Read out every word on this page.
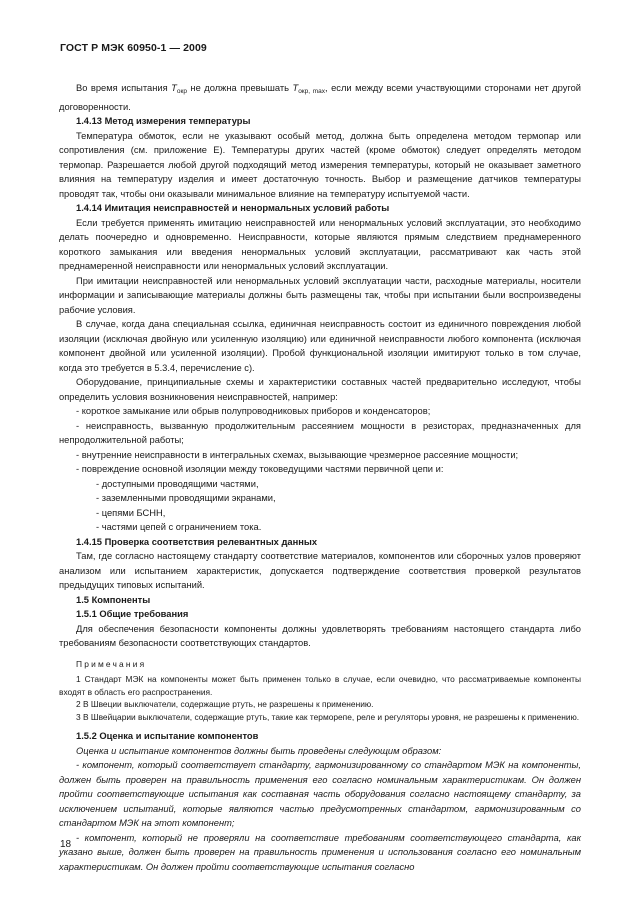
ГОСТ Р МЭК 60950-1 — 2009

Во время испытания $T_{окр}$ не должна превышать $T_{окр, max}$, если между всеми участвующими сторонами нет другой договоренности.

1.4.13 Метод измерения температуры

Температура обмоток, если не указывают особый метод, должна быть определена методом термопар или сопротивления (см. приложение Е). Температуры других частей (кроме обмоток) следует определять методом термопар. Разрешается любой другой подходящий метод измерения температуры, который не оказывает заметного влияния на температуру изделия и имеет достаточную точность. Выбор и размещение датчиков температуры проводят так, чтобы они оказывали минимальное влияние на температуру испытуемой части.

1.4.14 Имитация неисправностей и ненормальных условий работы

Если требуется применять имитацию неисправностей или ненормальных условий эксплуатации, это необходимо делать поочередно и одновременно. Неисправности, которые являются прямым следствием преднамеренного короткого замыкания или введения ненормальных условий эксплуатации, рассматривают как часть этой преднамеренной неисправности или ненормальных условий эксплуатации.

При имитации неисправностей или ненормальных условий эксплуатации части, расходные материалы, носители информации и записывающие материалы должны быть размещены так, чтобы при испытании были воспроизведены рабочие условия.

В случае, когда дана специальная ссылка, единичная неисправность состоит из единичного повреждения любой изоляции (исключая двойную или усиленную изоляцию) или единичной неисправности любого компонента (исключая компонент двойной или усиленной изоляции). Пробой функциональной изоляции имитируют только в том случае, когда это требуется в 5.3.4, перечисление с).

Оборудование, принципиальные схемы и характеристики составных частей предварительно исследуют, чтобы определить условия возникновения неисправностей, например:

- короткое замыкание или обрыв полупроводниковых приборов и конденсаторов;

- неисправность, вызванную продолжительным рассеянием мощности в резисторах, предназначенных для непродолжительной работы;

- внутренние неисправности в интегральных схемах, вызывающие чрезмерное рассеяние мощности;

- повреждение основной изоляции между токоведущими частями первичной цепи и:

- доступными проводящими частями,

- заземленными проводящими экранами,

- цепями БСНН,

- частями цепей с ограничением тока.

1.4.15 Проверка соответствия релевантных данных

Там, где согласно настоящему стандарту соответствие материалов, компонентов или сборочных узлов проверяют анализом или испытанием характеристик, допускается подтверждение соответствия проверкой результатов предыдущих типовых испытаний.

1.5 Компоненты

1.5.1 Общие требования

Для обеспечения безопасности компоненты должны удовлетворять требованиям настоящего стандарта либо требованиям безопасности соответствующих стандартов.

Примечания

1 Стандарт МЭК на компоненты может быть применен только в случае, если очевидно, что рассматриваемые компоненты входят в область его распространения.

2 В Швеции выключатели, содержащие ртуть, не разрешены к применению.

3 В Швейцарии выключатели, содержащие ртуть, такие как терморепе, реле и регуляторы уровня, не разрешены к применению.

1.5.2 Оценка и испытание компонентов

Оценка и испытание компонентов должны быть проведены следующим образом:

- компонент, который соответствует стандарту, гармонизированному со стандартом МЭК на компоненты, должен быть проверен на правильность применения его согласно номинальным характеристикам. Он должен пройти соответствующие испытания как составная часть оборудования согласно настоящему стандарту, за исключением испытаний, которые являются частью предусмотренных стандартом, гармонизированным со стандартом МЭК на этот компонент;

- компонент, который не проверяли на соответствие требованиям соответствующего стандарта, как указано выше, должен быть проверен на правильность применения и использования согласно его номинальным характеристикам. Он должен пройти соответствующие испытания согласно

18
